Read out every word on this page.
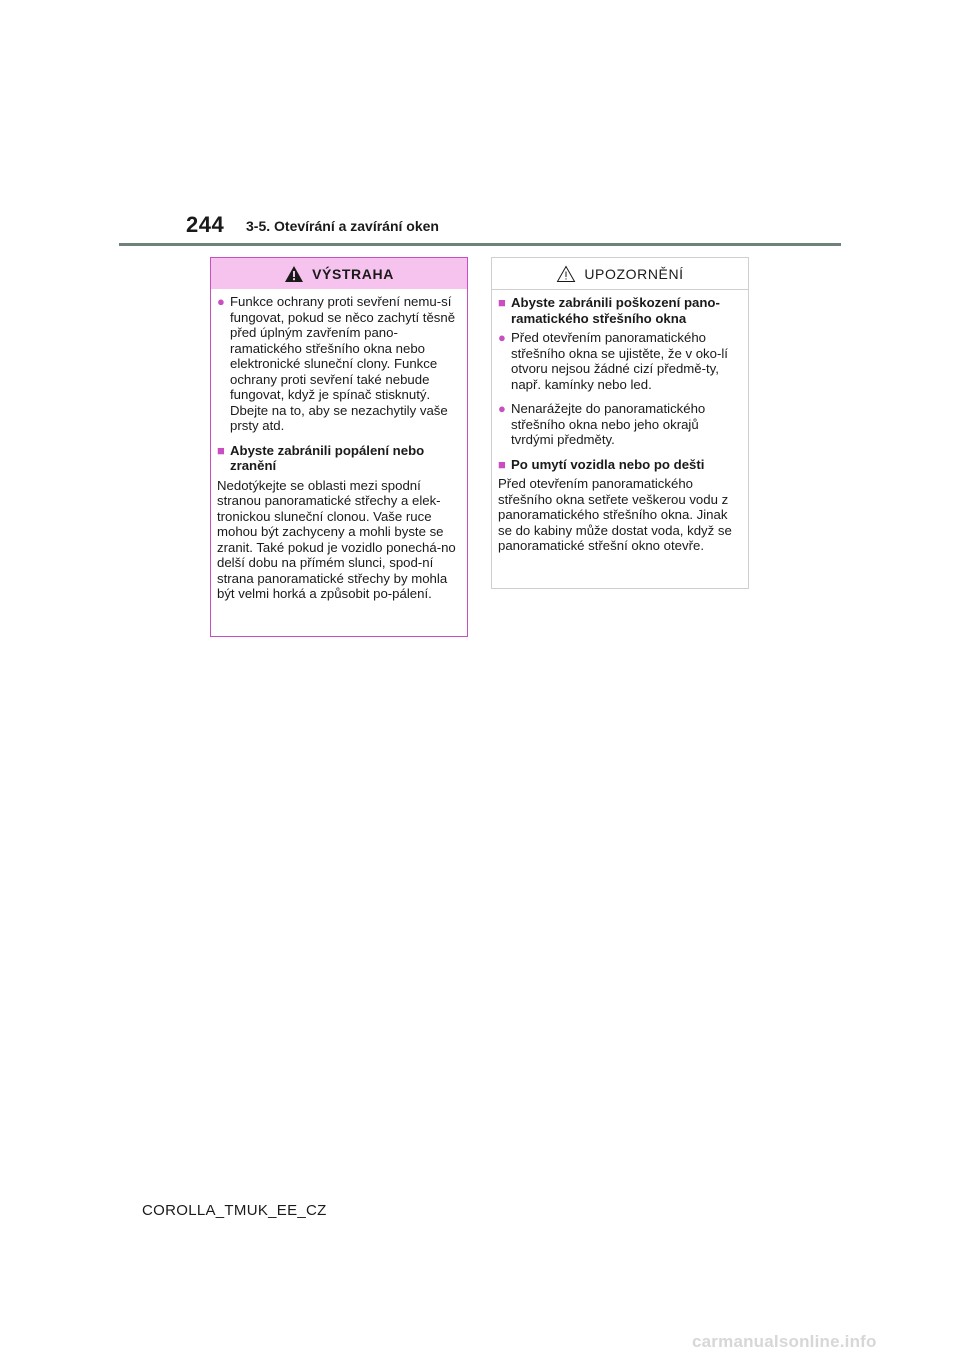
244 3-5. Otevírání a zavírání oken
VÝSTRAHA
● Funkce ochrany proti sevření nemu-sí fungovat, pokud se něco zachytí těsně před úplným zavřením pano-ramatického střešního okna nebo elektronické sluneční clony. Funkce ochrany proti sevření také nebude fungovat, když je spínač stisknutý. Dbejte na to, aby se nezachytily vaše prsty atd.
■ Abyste zabránili popálení nebo zranění

Nedotýkejte se oblasti mezi spodní stranou panoramatické střechy a elek-tronickou sluneční clonou. Vaše ruce mohou být zachyceny a mohli byste se zranit. Také pokud je vozidlo ponechá-no delší dobu na přímém slunci, spod-ní strana panoramatické střechy by mohla být velmi horká a způsobit po-pálení.

UPOZORNĚNÍ
■ Abyste zabránili poškození pano-ramatického střešního okna
● Před otevřením panoramatického střešního okna se ujistěte, že v oko-lí otvoru nejsou žádné cizí předmě-ty, např. kamínky nebo led.
● Nenarážejte do panoramatického střešního okna nebo jeho okrajů tvrdými předměty.
■ Po umytí vozidla nebo po dešti

Před otevřením panoramatického střešního okna setřete veškerou vodu z panoramatického střešního okna. Jinak se do kabiny může dostat voda, když se panoramatické střešní okno otevře.

COROLLA_TMUK_EE_CZ
carmanualsonline.info
